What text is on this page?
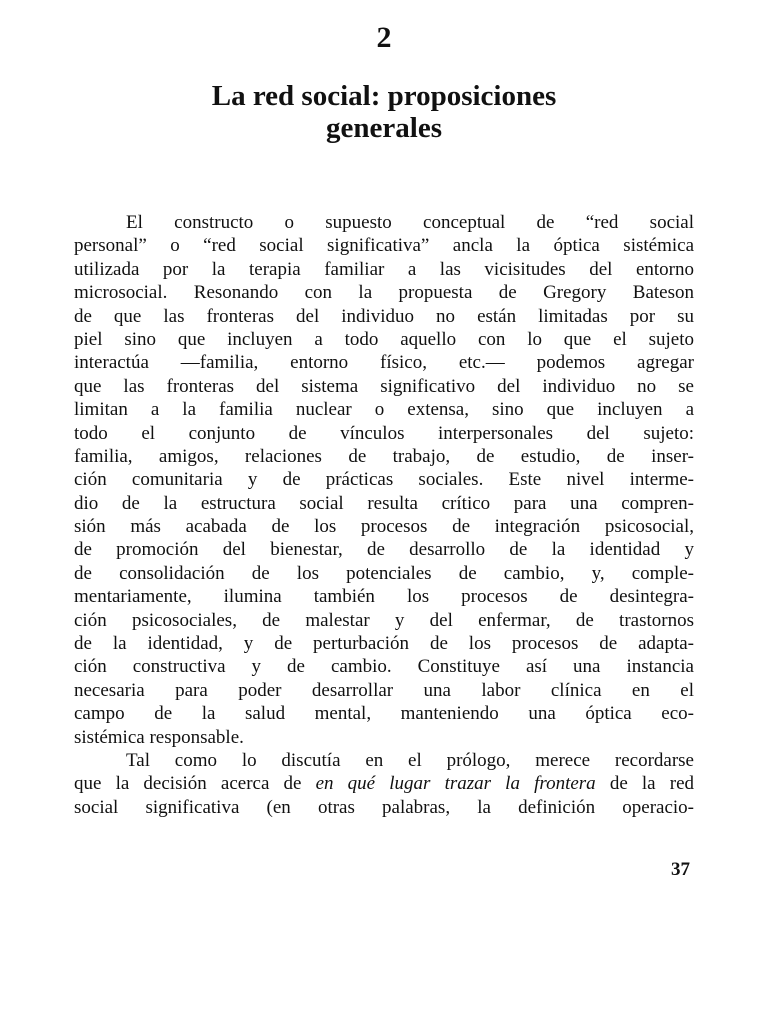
2
La red social: proposiciones
generales
El constructo o supuesto conceptual de “red social
personal” o “red social significativa” ancla la óptica sistémica
utilizada por la terapia familiar a las vicisitudes del entorno
microsocial. Resonando con la propuesta de Gregory Bateson
de que las fronteras del individuo no están limitadas por su
piel sino que incluyen a todo aquello con lo que el sujeto
interactúa —familia, entorno físico, etc.— podemos agregar
que las fronteras del sistema significativo del individuo no se
limitan a la familia nuclear o extensa, sino que incluyen a
todo el conjunto de vínculos interpersonales del sujeto:
familia, amigos, relaciones de trabajo, de estudio, de inser-
ción comunitaria y de prácticas sociales. Este nivel interme-
dio de la estructura social resulta crítico para una compren-
sión más acabada de los procesos de integración psicosocial,
de promoción del bienestar, de desarrollo de la identidad y
de consolidación de los potenciales de cambio, y, comple-
mentariamente, ilumina también los procesos de desintegra-
ción psicosociales, de malestar y del enfermar, de trastornos
de la identidad, y de perturbación de los procesos de adapta-
ción constructiva y de cambio. Constituye así una instancia
necesaria para poder desarrollar una labor clínica en el
campo de la salud mental, manteniendo una óptica eco-
sistémica responsable.
Tal como lo discutía en el prólogo, merece recordarse
que la decisión acerca de en qué lugar trazar la frontera de la red
social significativa (en otras palabras, la definición operacio-
37
